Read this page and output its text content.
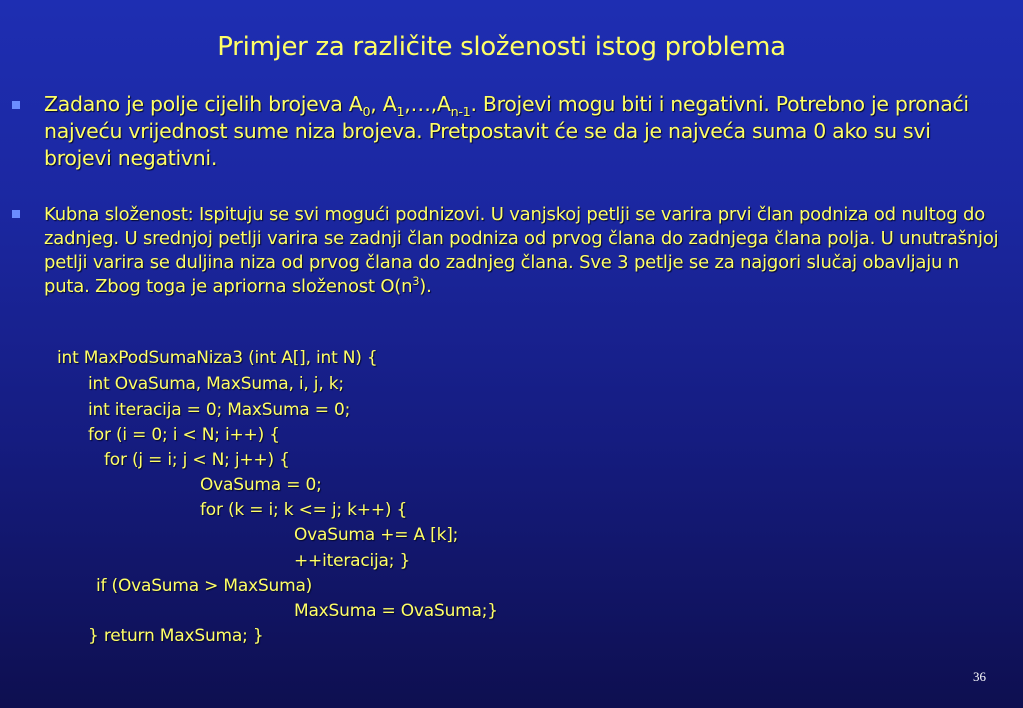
Primjer za različite složenosti istog problema

Zadano je polje cijelih brojeva $A_0$, $A_1,\dots,A_{n-1}$. Brojevi mogu biti i negativni. Potrebno je pronaći najveću vrijednost sume niza brojeva. Pretpostavit će se da je najveća suma 0 ako su svi brojevi negativni.

Kubna složenost: Ispituju se svi mogući podnizovi. U vanjskoj petlji se varira prvi član podniza od nultog do zadnjeg. U srednjoj petlji varira se zadnji član podniza od prvog člana do zadnjega člana polja. U unutrašnjoj petlji varira se duljina niza od prvog člana do zadnjeg člana. Sve 3 petlje se za najgori slučaj obavljaju n puta. Zbog toga je apriorna složenost $O(n^3)$.

int MaxPodSumaNiza3 (int A[], int N) {

int OvaSuma, MaxSuma, i, j, k;

int iteracija = 0; MaxSuma = 0;

for (i = 0; i < N; i++) {

for (j = i; j < N; j++) {

OvaSuma = 0;

for (k = i; k <= j; k++) {

OvaSuma += A [k];

++iteracija; }

if (OvaSuma > MaxSuma)

MaxSuma = OvaSuma;}

} return MaxSuma; }

36
